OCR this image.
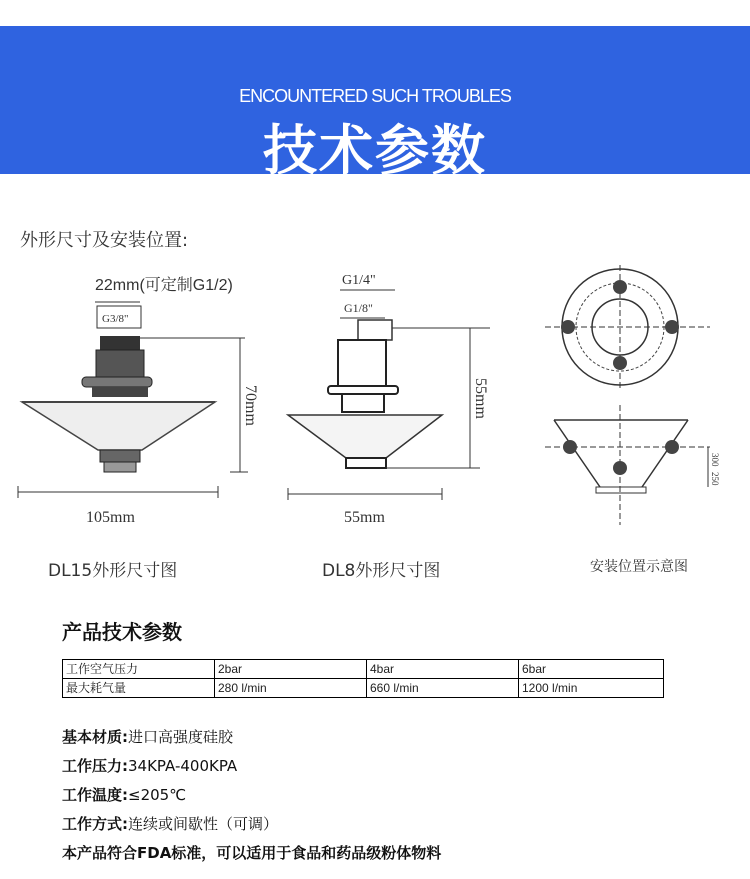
ENCOUNTERED SUCH TROUBLES
技术参数
外形尺寸及安装位置:
22mm(可定制G1/2)
G3/8"
70mm
105mm
G1/4"
G1/8"
55mm
55mm
300
250
DL15外形尺寸图	DL8外形尺寸图	安装位置示意图
产品技术参数
工作空气压力	2bar	4bar	6bar
最大耗气量	280 l/min	660 l/min	1200 l/min
基本材质:进口高强度硅胶
工作压力:34KPA-400KPA
工作温度:≤205℃
工作方式:连续或间歇性（可调）
本产品符合FDA标准，可以适用于食品和药品级粉体物料
